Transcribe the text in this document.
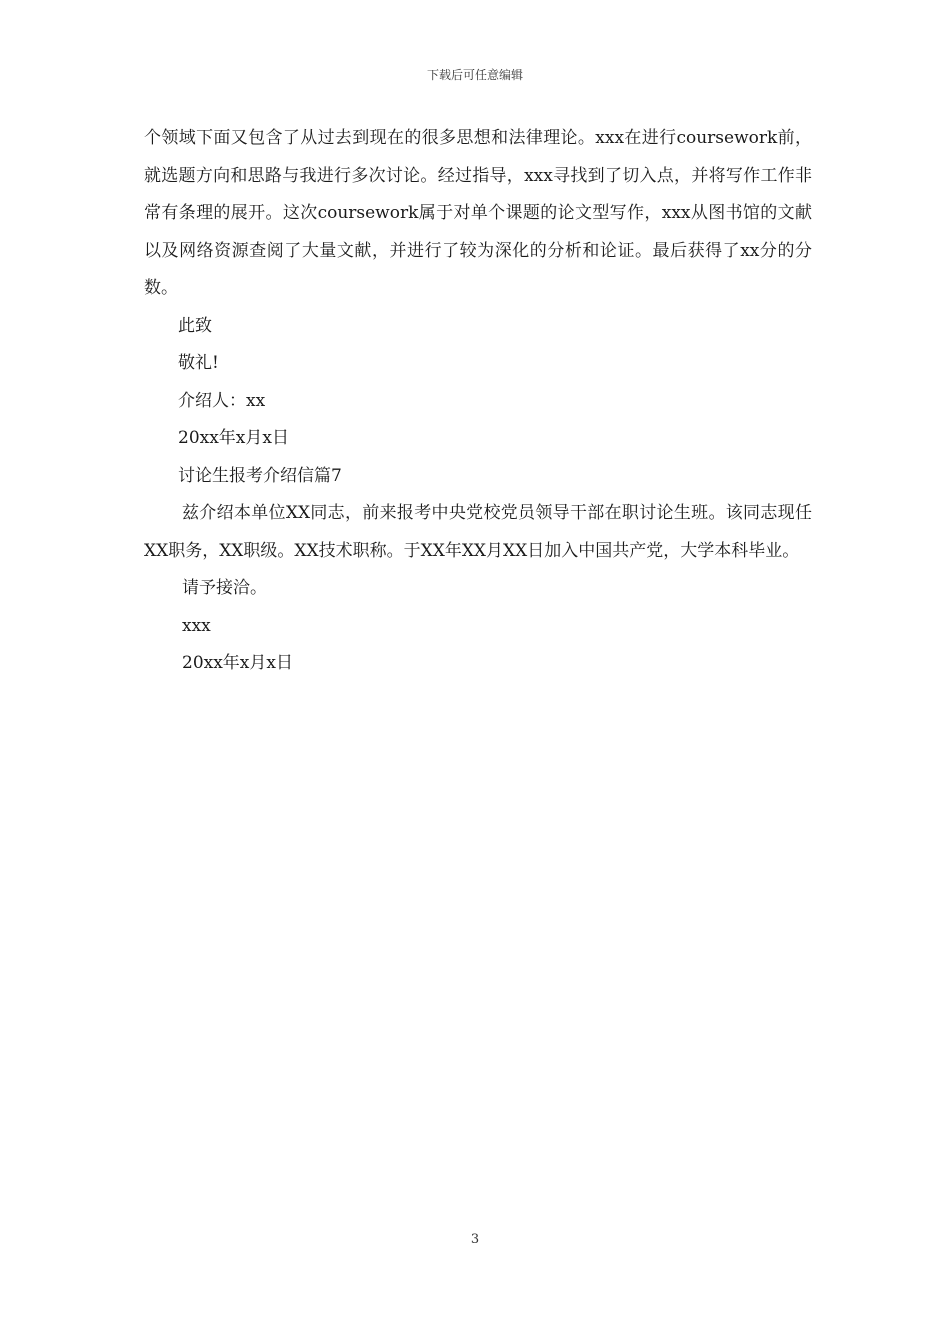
下载后可任意编辑

个领域下面又包含了从过去到现在的很多思想和法律理论。xxx在进行coursework前，就选题方向和思路与我进行多次讨论。经过指导，xxx寻找到了切入点，并将写作工作非常有条理的展开。这次coursework属于对单个课题的论文型写作，xxx从图书馆的文献以及网络资源查阅了大量文献，并进行了较为深化的分析和论证。最后获得了xx分的分数。

此致

敬礼!

介绍人：xx

20xx年x月x日

讨论生报考介绍信篇7

兹介绍本单位XX同志，前来报考中央党校党员领导干部在职讨论生班。该同志现任XX职务，XX职级。XX技术职称。于XX年XX月XX日加入中国共产党，大学本科毕业。

请予接洽。

xxx

20xx年x月x日

3
